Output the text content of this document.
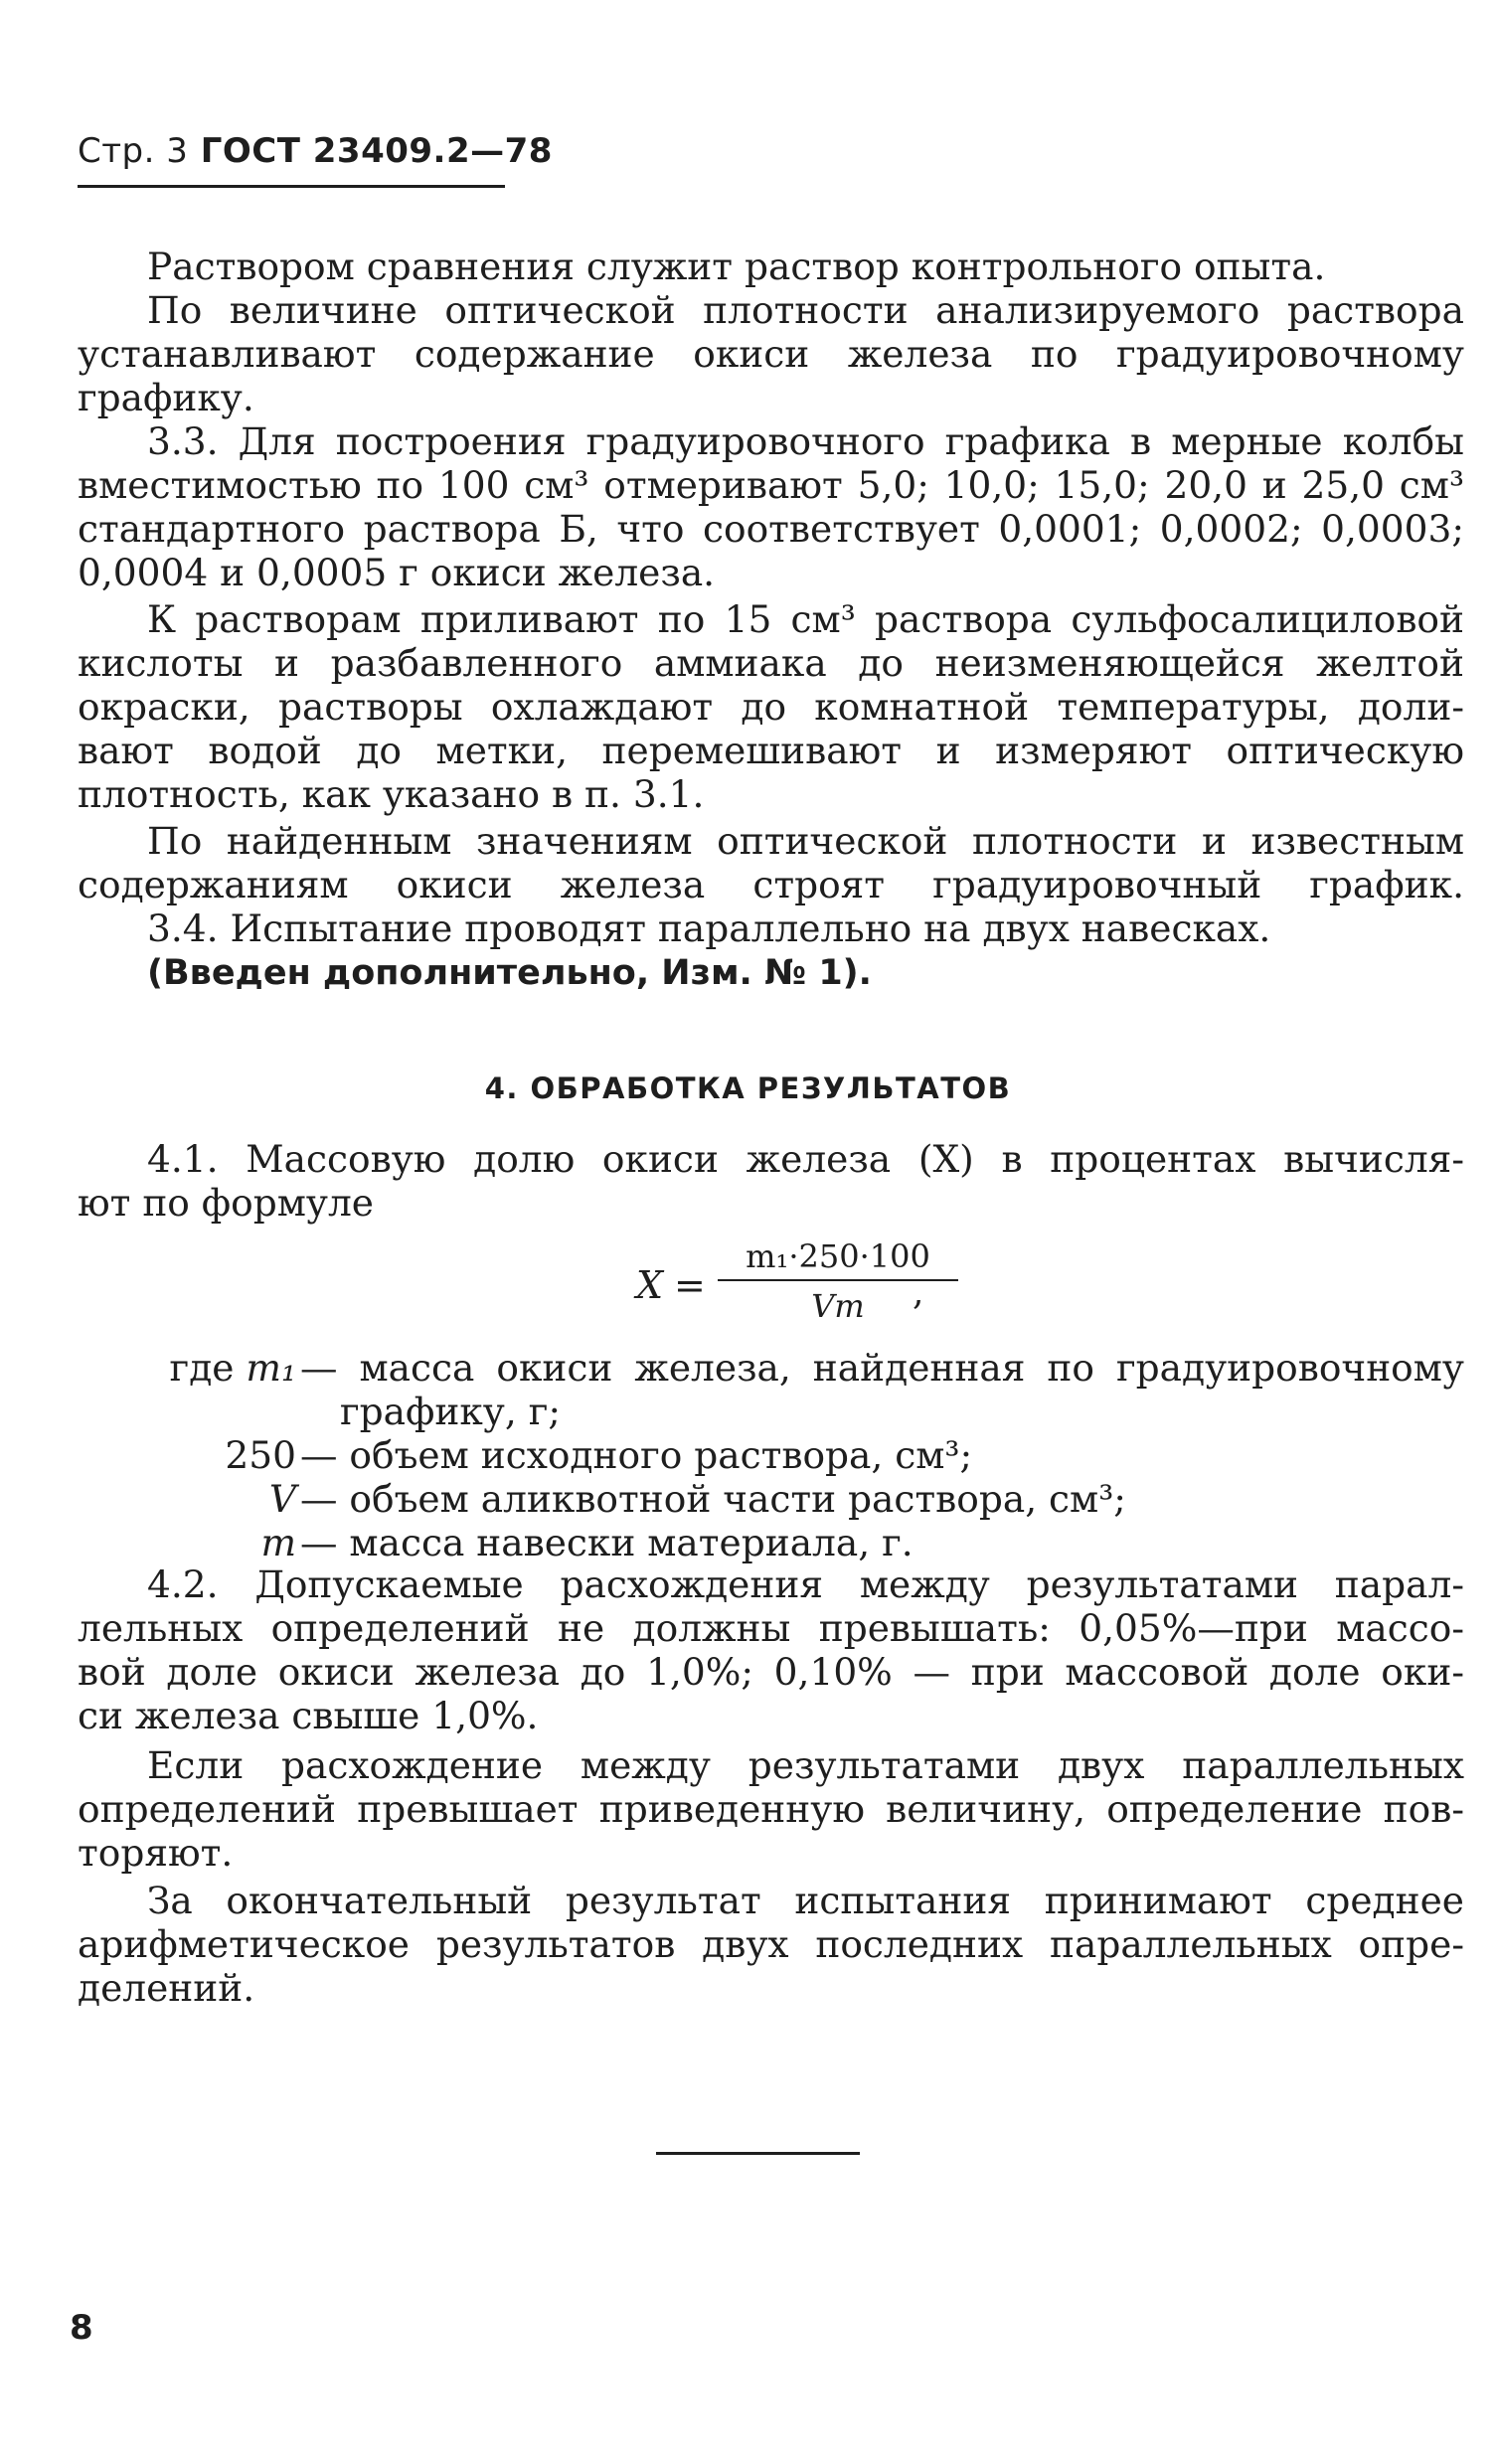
Стр. 3 ГОСТ 23409.2—78
Раствором сравнения служит раствор контрольного опыта.
По величине оптической плотности анализируемого раствора
устанавливают содержание окиси железа по градуировочному
графику.
3.3. Для построения градуировочного графика в мерные колбы
вместимостью по 100 см³ отмеривают 5,0; 10,0; 15,0; 20,0 и 25,0 см³
стандартного раствора Б, что соответствует 0,0001; 0,0002; 0,0003;
0,0004 и 0,0005 г окиси железа.
К растворам приливают по 15 см³ раствора сульфосалициловой
кислоты и разбавленного аммиака до неизменяющейся желтой
окраски, растворы охлаждают до комнатной температуры, доли-
вают водой до метки, перемешивают и измеряют оптическую
плотность, как указано в п. 3.1.
По найденным значениям оптической плотности и известным
содержаниям окиси железа строят градуировочный график.
3.4. Испытание проводят параллельно на двух навесках.
(Введен дополнительно, Изм. № 1).
4. ОБРАБОТКА РЕЗУЛЬТАТОВ
4.1. Массовую долю окиси железа (X) в процентах вычисля-
ют по формуле
X =
m₁·250·100
Vm	,
где m₁ — масса окиси железа, найденная по градуировочному
графику, г;
250 — объем исходного раствора, см³;
V — объем аликвотной части раствора, см³;
m — масса навески материала, г.
4.2. Допускаемые расхождения между результатами парал-
лельных определений не должны превышать: 0,05%—при массо-
вой доле окиси железа до 1,0%; 0,10% — при массовой доле оки-
си железа свыше 1,0%.
Если расхождение между результатами двух параллельных
определений превышает приведенную величину, определение пов-
торяют.
За окончательный результат испытания принимают среднее
арифметическое результатов двух последних параллельных опре-
делений.
8
